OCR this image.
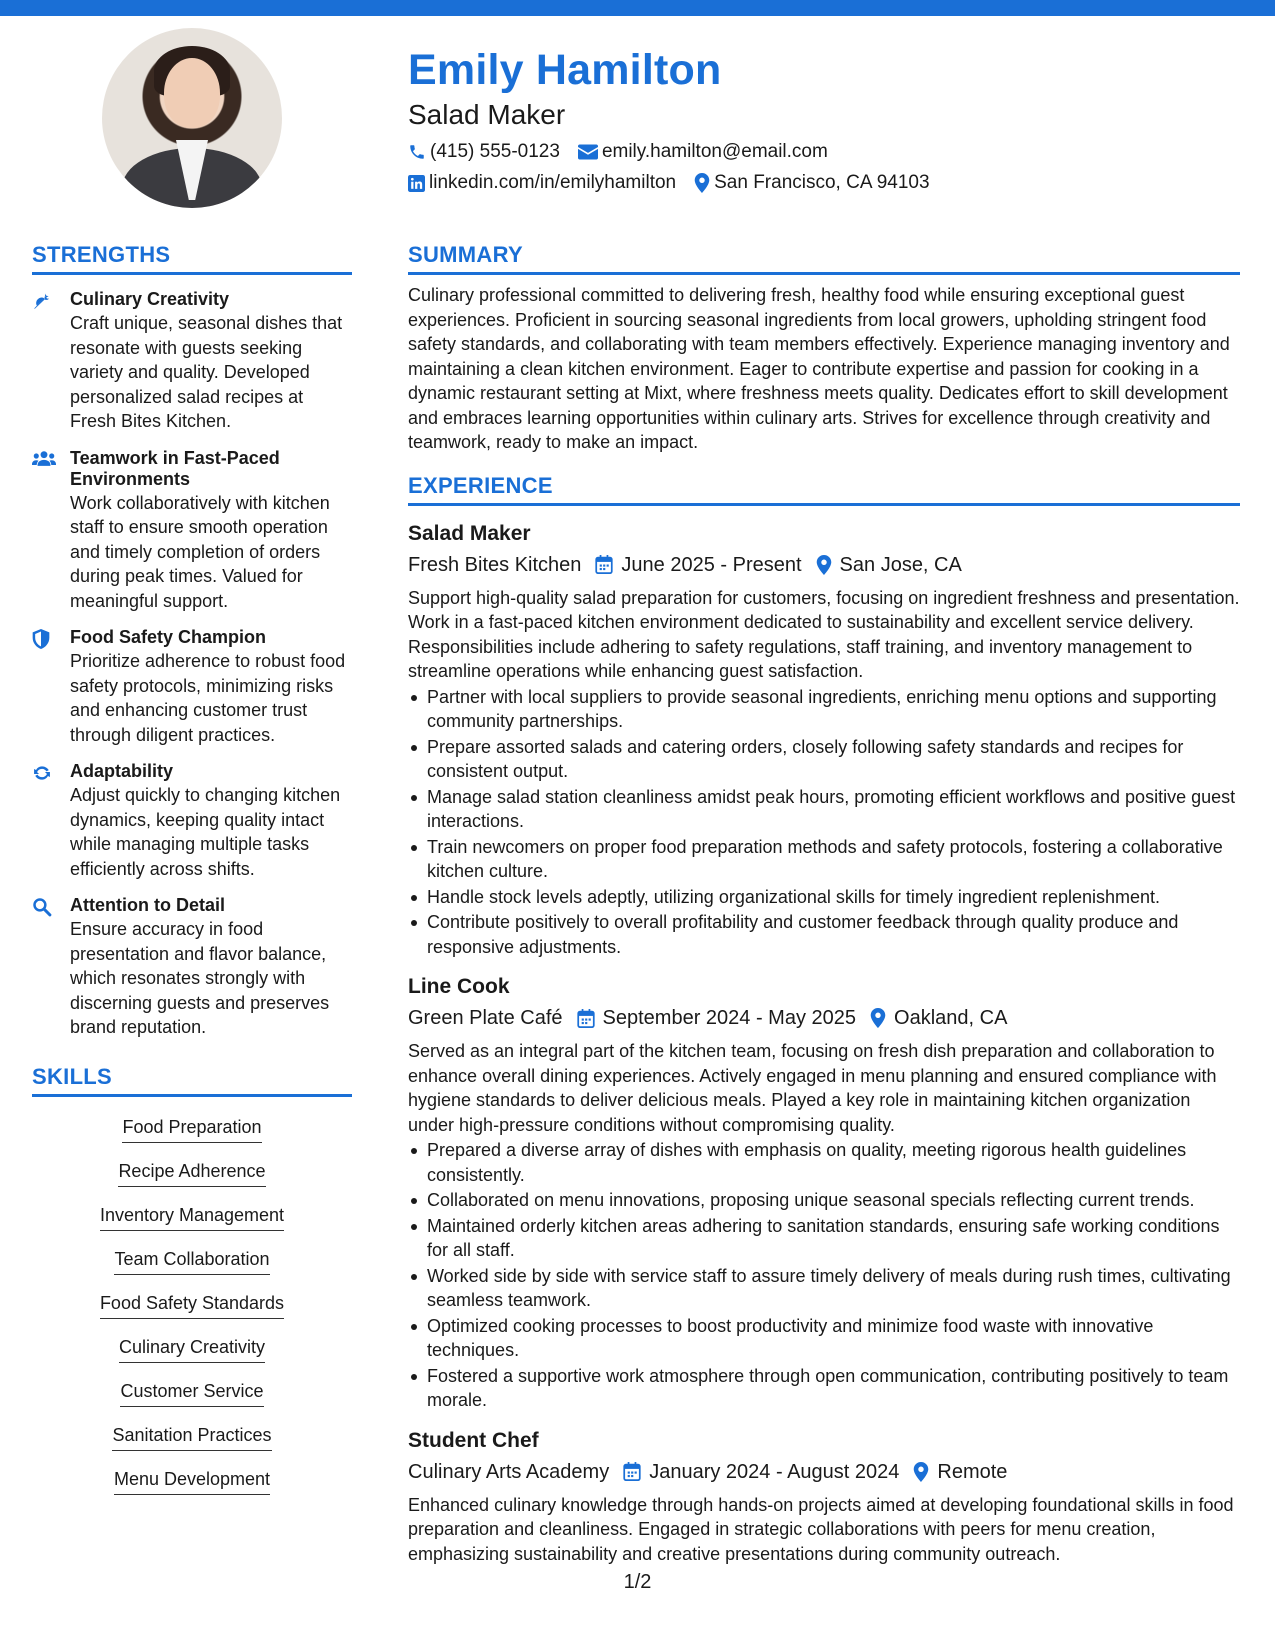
Emily Hamilton
Salad Maker
(415) 555-0123 emily.hamilton@email.com
linkedin.com/in/emilyhamilton San Francisco, CA 94103
STRENGTHS
Culinary Creativity
Craft unique, seasonal dishes that resonate with guests seeking variety and quality. Developed personalized salad recipes at Fresh Bites Kitchen.
Teamwork in Fast-Paced Environments
Work collaboratively with kitchen staff to ensure smooth operation and timely completion of orders during peak times. Valued for meaningful support.
Food Safety Champion
Prioritize adherence to robust food safety protocols, minimizing risks and enhancing customer trust through diligent practices.
Adaptability
Adjust quickly to changing kitchen dynamics, keeping quality intact while managing multiple tasks efficiently across shifts.
Attention to Detail
Ensure accuracy in food presentation and flavor balance, which resonates strongly with discerning guests and preserves brand reputation.
SKILLS
Food Preparation
Recipe Adherence
Inventory Management
Team Collaboration
Food Safety Standards
Culinary Creativity
Customer Service
Sanitation Practices
Menu Development
SUMMARY
Culinary professional committed to delivering fresh, healthy food while ensuring exceptional guest experiences. Proficient in sourcing seasonal ingredients from local growers, upholding stringent food safety standards, and collaborating with team members effectively. Experience managing inventory and maintaining a clean kitchen environment. Eager to contribute expertise and passion for cooking in a dynamic restaurant setting at Mixt, where freshness meets quality. Dedicates effort to skill development and embraces learning opportunities within culinary arts. Strives for excellence through creativity and teamwork, ready to make an impact.
EXPERIENCE
Salad Maker
Fresh Bites Kitchen June 2025 - Present San Jose, CA
Support high-quality salad preparation for customers, focusing on ingredient freshness and presentation. Work in a fast-paced kitchen environment dedicated to sustainability and excellent service delivery. Responsibilities include adhering to safety regulations, staff training, and inventory management to streamline operations while enhancing guest satisfaction.
Partner with local suppliers to provide seasonal ingredients, enriching menu options and supporting community partnerships.
Prepare assorted salads and catering orders, closely following safety standards and recipes for consistent output.
Manage salad station cleanliness amidst peak hours, promoting efficient workflows and positive guest interactions.
Train newcomers on proper food preparation methods and safety protocols, fostering a collaborative kitchen culture.
Handle stock levels adeptly, utilizing organizational skills for timely ingredient replenishment.
Contribute positively to overall profitability and customer feedback through quality produce and responsive adjustments.
Line Cook
Green Plate Café September 2024 - May 2025 Oakland, CA
Served as an integral part of the kitchen team, focusing on fresh dish preparation and collaboration to enhance overall dining experiences. Actively engaged in menu planning and ensured compliance with hygiene standards to deliver delicious meals. Played a key role in maintaining kitchen organization under high-pressure conditions without compromising quality.
Prepared a diverse array of dishes with emphasis on quality, meeting rigorous health guidelines consistently.
Collaborated on menu innovations, proposing unique seasonal specials reflecting current trends.
Maintained orderly kitchen areas adhering to sanitation standards, ensuring safe working conditions for all staff.
Worked side by side with service staff to assure timely delivery of meals during rush times, cultivating seamless teamwork.
Optimized cooking processes to boost productivity and minimize food waste with innovative techniques.
Fostered a supportive work atmosphere through open communication, contributing positively to team morale.
Student Chef
Culinary Arts Academy January 2024 - August 2024 Remote
Enhanced culinary knowledge through hands-on projects aimed at developing foundational skills in food preparation and cleanliness. Engaged in strategic collaborations with peers for menu creation, emphasizing sustainability and creative presentations during community outreach.
1/2
